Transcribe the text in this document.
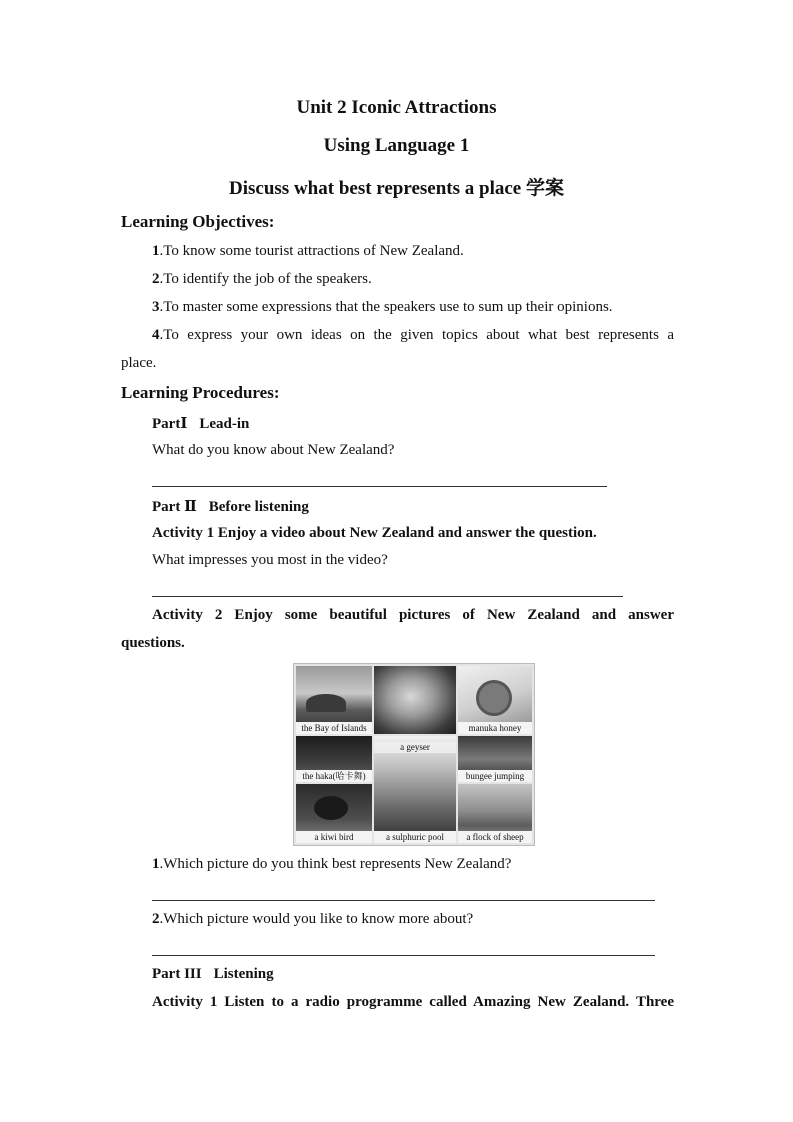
Unit 2 Iconic Attractions
Using Language 1
Discuss what best represents a place 学案
Learning Objectives:
1.To know some tourist attractions of New Zealand.
2.To identify the job of the speakers.
3.To master some expressions that the speakers use to sum up their opinions.
4.To express your own ideas on the given topics about what best represents a
place.
Learning Procedures:
PartⅠ Lead-in
What do you know about New Zealand?
Part Ⅱ Before listening
Activity 1 Enjoy a video about New Zealand and answer the question.
What impresses you most in the video?
Activity 2 Enjoy some beautiful pictures of New Zealand and answer
questions.
the Bay of Islands	manuka honey
the haka(哈卡舞)
a geyser
a sulphuric pool
bungee jumping
a kiwi bird	a flock of sheep
1.Which picture do you think best represents New Zealand?
2.Which picture would you like to know more about?
Part III Listening
Activity 1 Listen to a radio programme called Amazing New Zealand. Three
